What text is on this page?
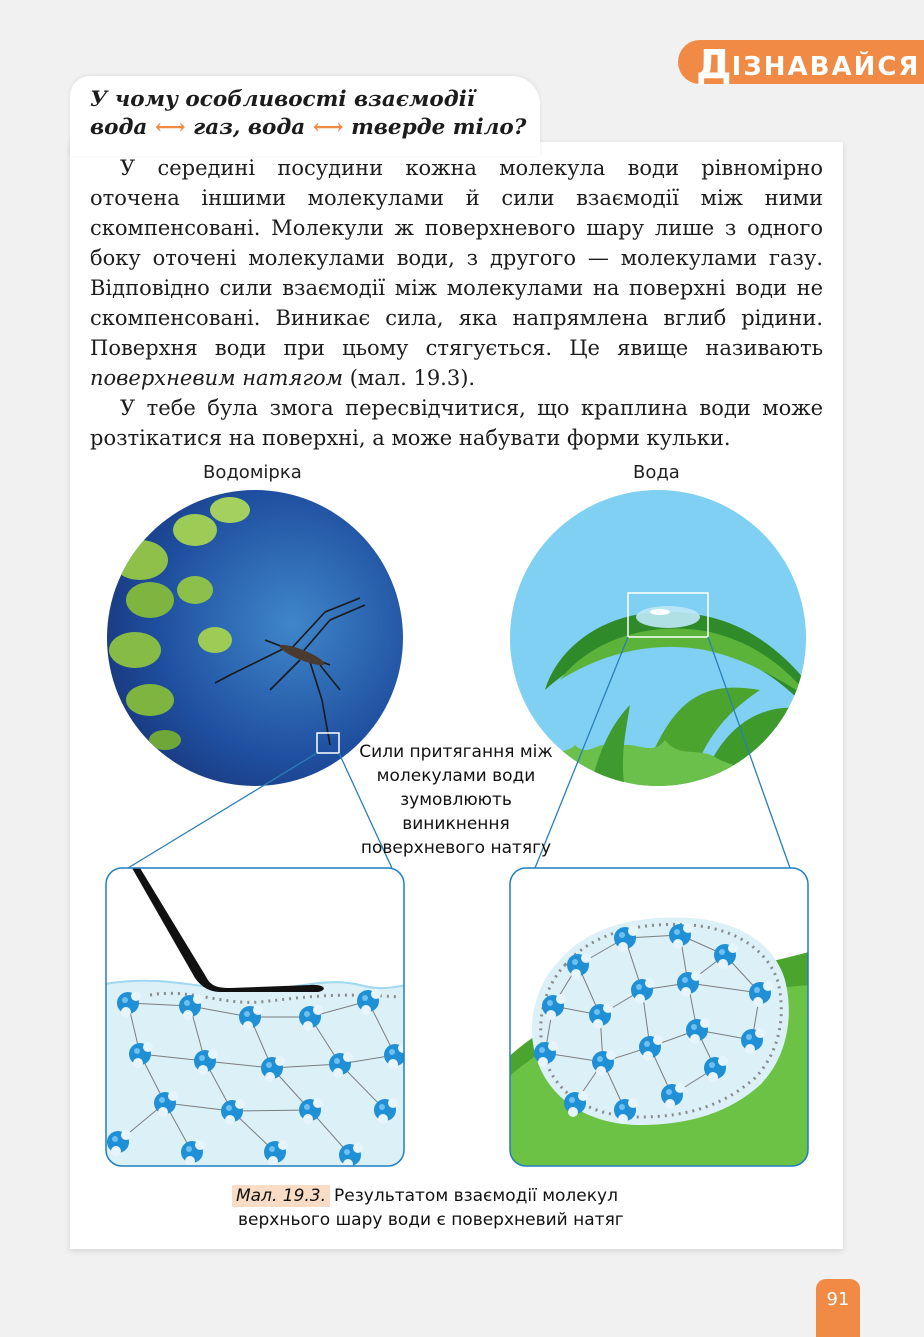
ДІЗНАВАЙСЯ
У чому особливості взаємодії
вода ⟷ газ, вода ⟷ тверде тіло?

У середині посудини кожна молекула води рівномірно оточена іншими молекулами й сили взаємодії між ними скомпенсовані. Молекули ж поверхневого шару лише з одного боку оточені молекулами води, з другого — молекулами газу. Відповідно сили взаємодії між молекулами на поверхні води не скомпенсовані. Виникає сила, яка напрямлена вглиб рідини. Поверхня води при цьому стягується. Це явище називають поверхневим натягом (мал. 19.3).

У тебе була змога пересвідчитися, що краплина води може розтікатися на поверхні, а може набувати форми кульки.

Водомірка	Вода
Сили притягання між молекулами води зумовлюють виникнення поверхневого натягу
Мал. 19.3. Результатом взаємодії молекул
верхнього шару води є поверхневий натяг
91
